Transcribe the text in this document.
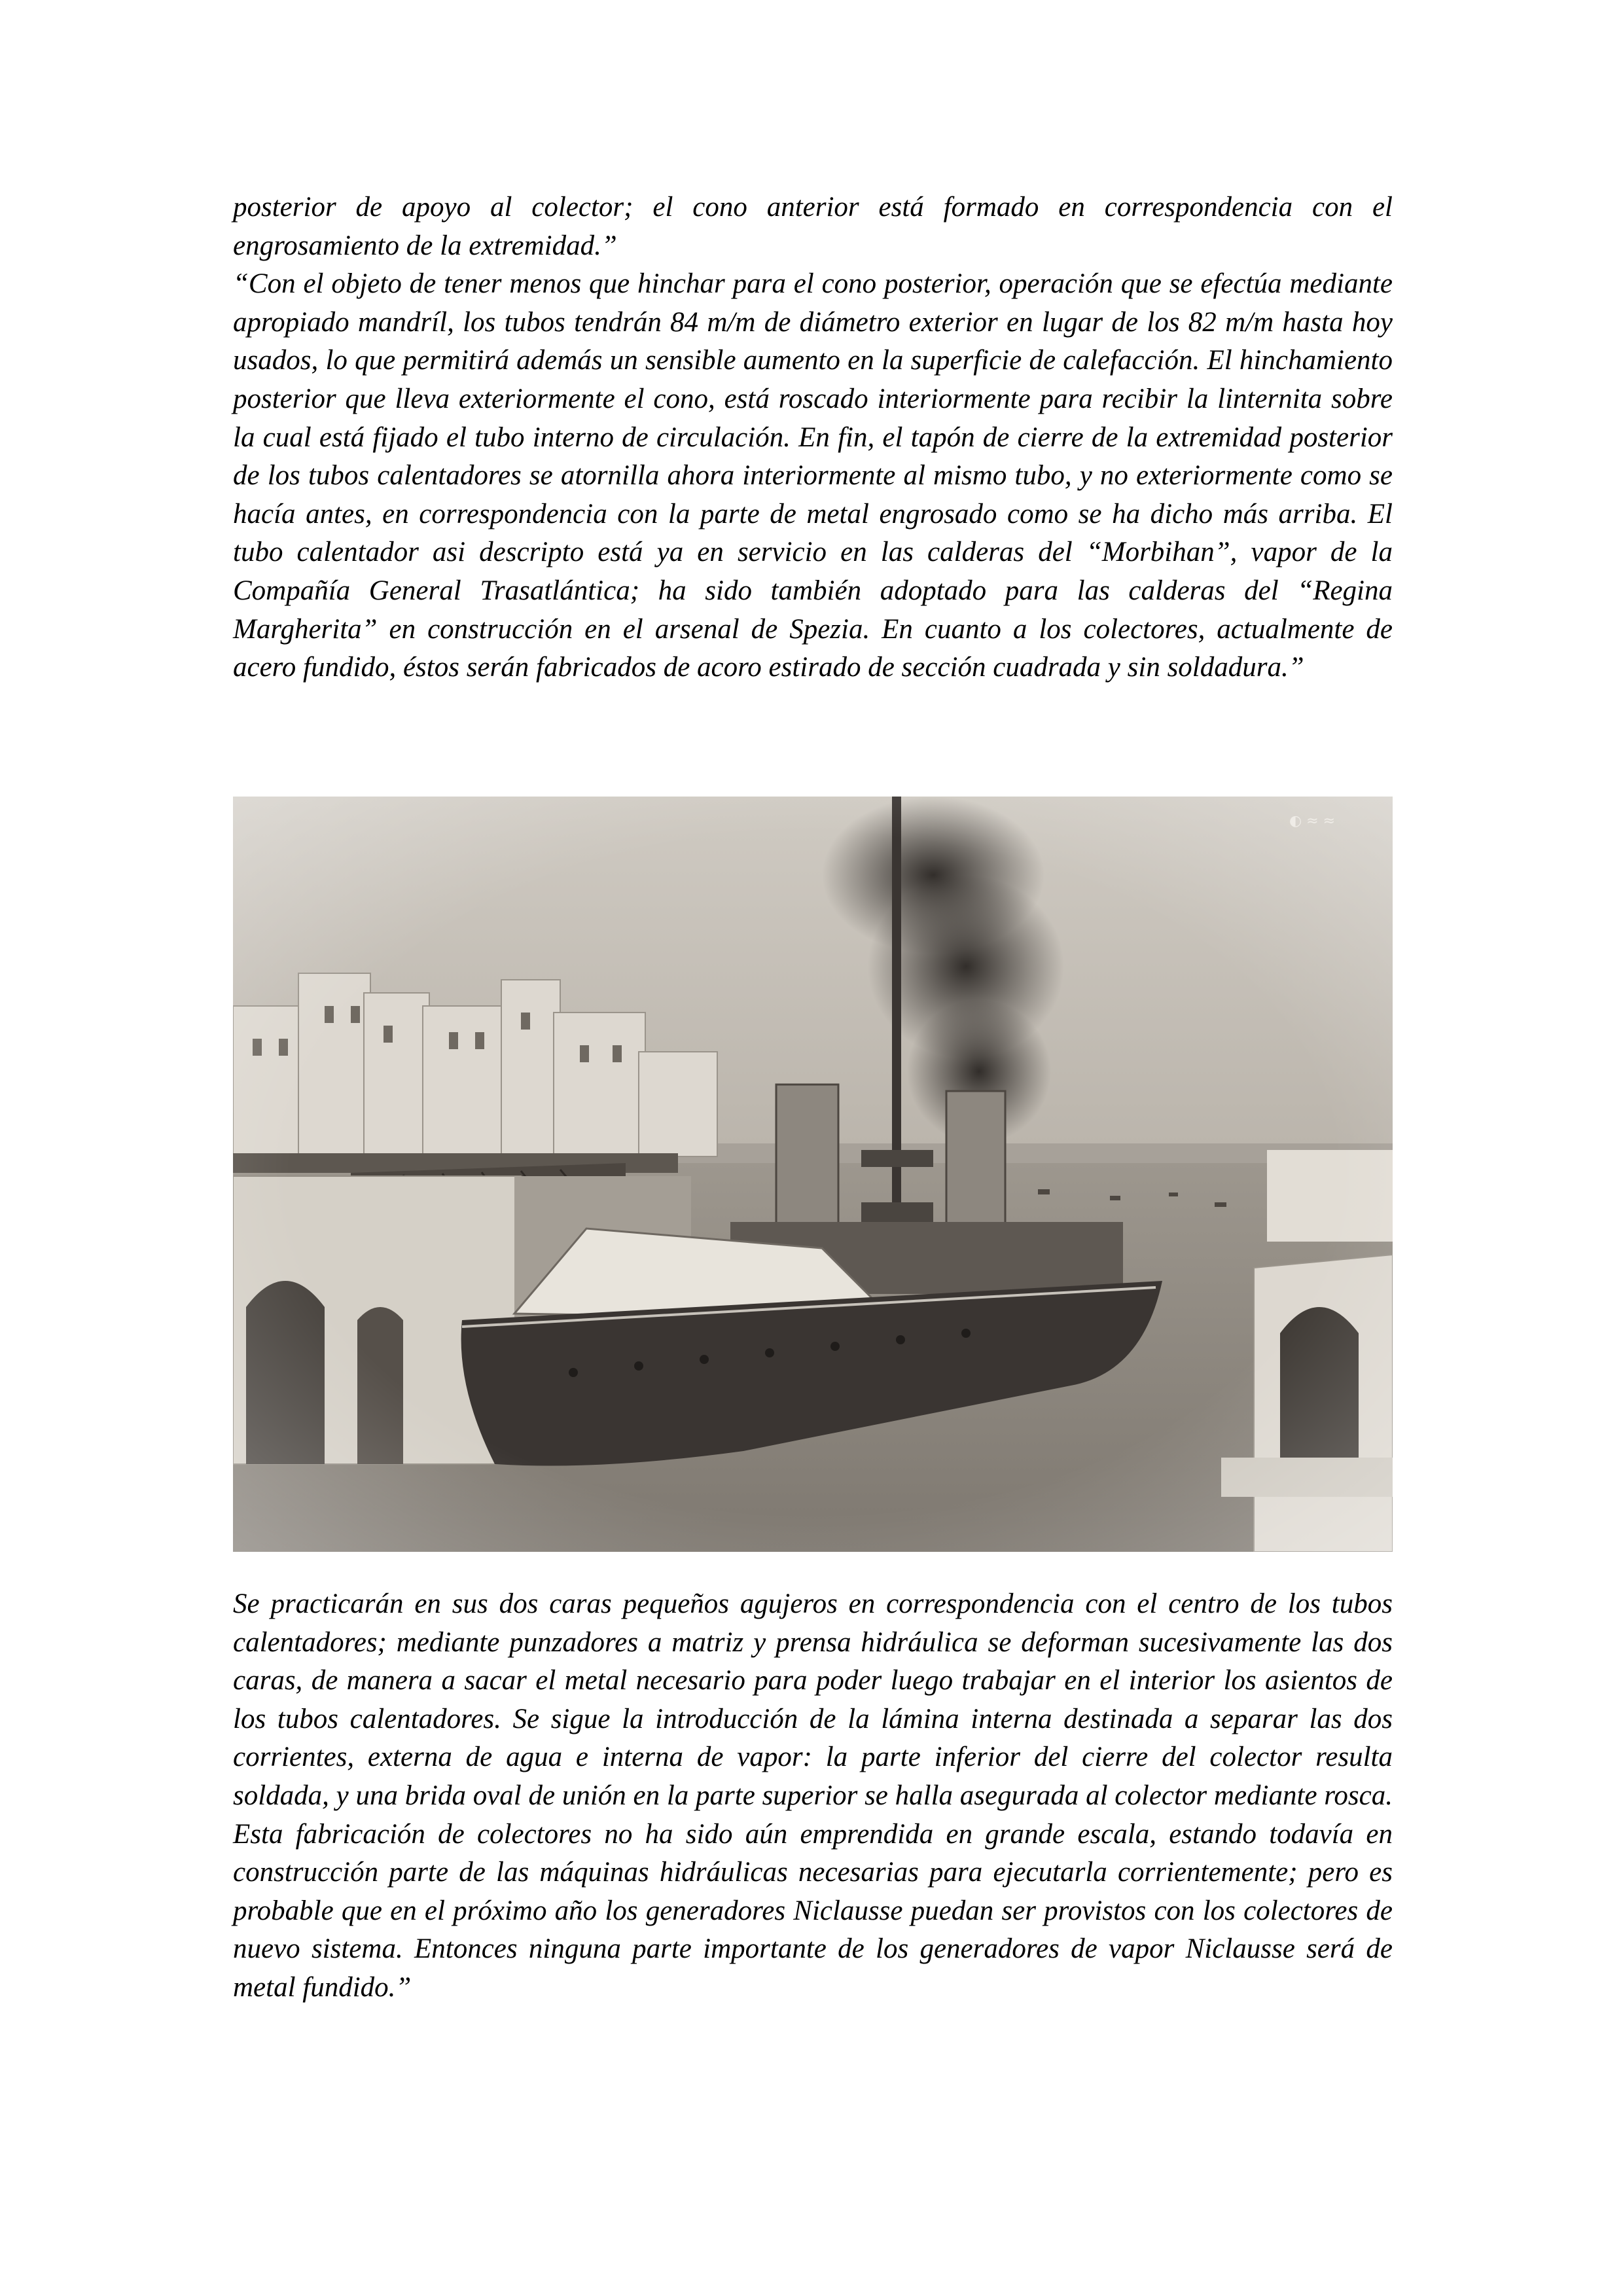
posterior de apoyo al colector; el cono anterior está formado en correspondencia con el engrosamiento de la extremidad.”

“Con el objeto de tener menos que hinchar para el cono posterior, operación que se efectúa mediante apropiado mandríl, los tubos tendrán 84 m/m de diámetro exterior en lugar de los 82 m/m hasta hoy usados, lo que permitirá además un sensible aumento en la superficie de calefacción. El hinchamiento posterior que lleva exteriormente el cono, está roscado interiormente para recibir la linternita sobre la cual está fijado el tubo interno de circulación. En fin, el tapón de cierre de la extremidad posterior de los tubos calentadores se atornilla ahora interiormente al mismo tubo, y no exteriormente como se hacía antes, en correspondencia con la parte de metal engrosado como se ha dicho más arriba. El tubo calentador asi descripto está ya en servicio en las calderas del “Morbihan”, vapor de la Compañía General Trasatlántica; ha sido también adoptado para las calderas del “Regina Margherita” en construcción en el arsenal de Spezia. En cuanto a los colectores, actualmente de acero fundido, éstos serán fabricados de acoro estirado de sección cuadrada y sin soldadura.”

◐ ≈ ≈

Se practicarán en sus dos caras pequeños agujeros en correspondencia con el centro de los tubos calentadores; mediante punzadores a matriz y prensa hidráulica se deforman sucesivamente las dos caras, de manera a sacar el metal necesario para poder luego trabajar en el interior los asientos de los tubos calentadores. Se sigue la introducción de la lámina interna destinada a separar las dos corrientes, externa de agua e interna de vapor: la parte inferior del cierre del colector resulta soldada, y una brida oval de unión en la parte superior se halla asegurada al colector mediante rosca. Esta fabricación de colectores no ha sido aún emprendida en grande escala, estando todavía en construcción parte de las máquinas hidráulicas necesarias para ejecutarla corrientemente; pero es probable que en el próximo año los generadores Niclausse puedan ser provistos con los colectores de nuevo sistema. Entonces ninguna parte importante de los generadores de vapor Niclausse será de metal fundido.”
